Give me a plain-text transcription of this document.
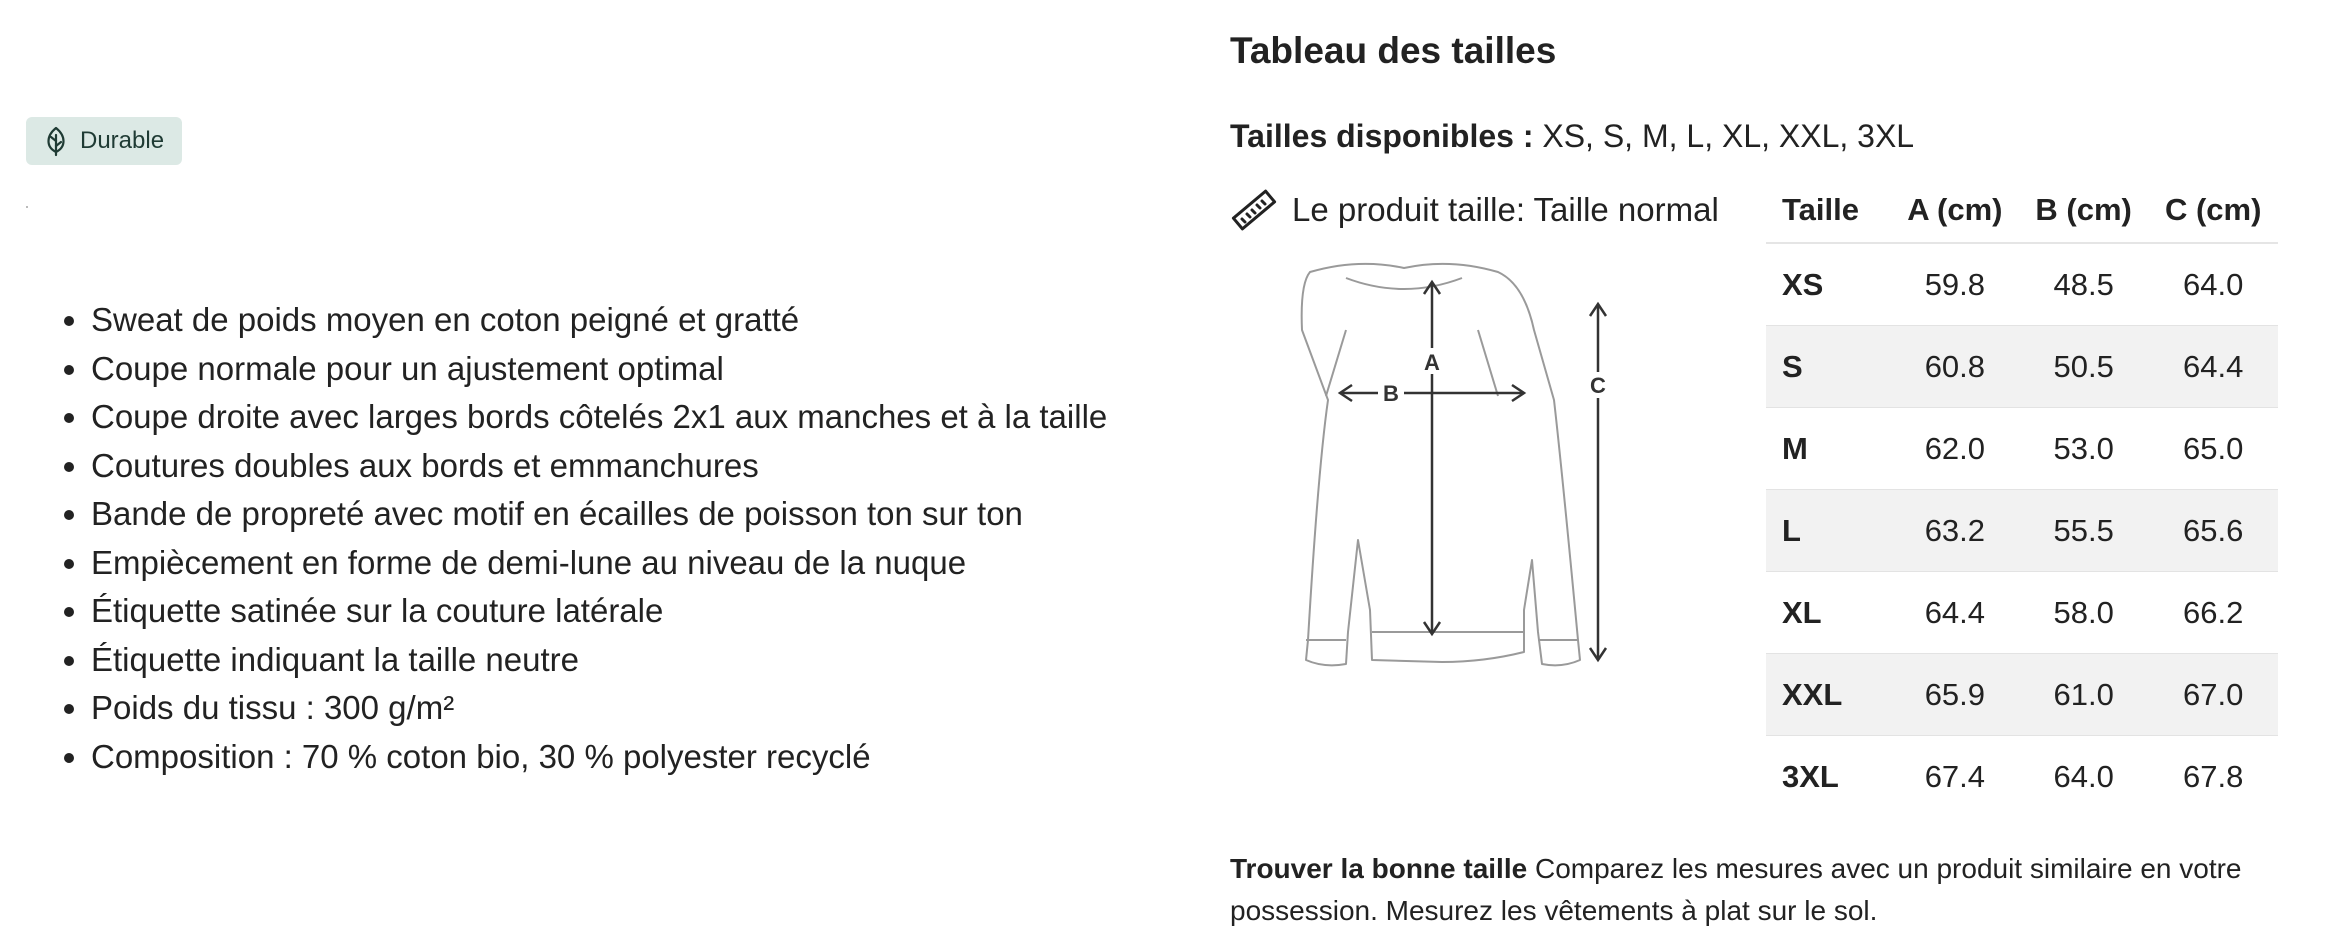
Durable
• Sweat de poids moyen en coton peigné et gratté
• Coupe normale pour un ajustement optimal
• Coupe droite avec larges bords côtelés 2x1 aux manches et à la taille
• Coutures doubles aux bords et emmanchures
• Bande de propreté avec motif en écailles de poisson ton sur ton
• Empiècement en forme de demi-lune au niveau de la nuque
• Étiquette satinée sur la couture latérale
• Étiquette indiquant la taille neutre
• Poids du tissu : 300 g/m²
• Composition : 70 % coton bio, 30 % polyester recyclé
Tableau des tailles
Tailles disponibles : XS, S, M, L, XL, XXL, 3XL
Le produit taille: Taille normal
A
B	C
Taille	A (cm)	B (cm)	C (cm)
XS	59.8	48.5	64.0
S	60.8	50.5	64.4
M	62.0	53.0	65.0
L	63.2	55.5	65.6
XL	64.4	58.0	66.2
XXL	65.9	61.0	67.0
3XL	67.4	64.0	67.8
Trouver la bonne taille Comparez les mesures avec un produit similaire en votre possession. Mesurez les vêtements à plat sur le sol.
